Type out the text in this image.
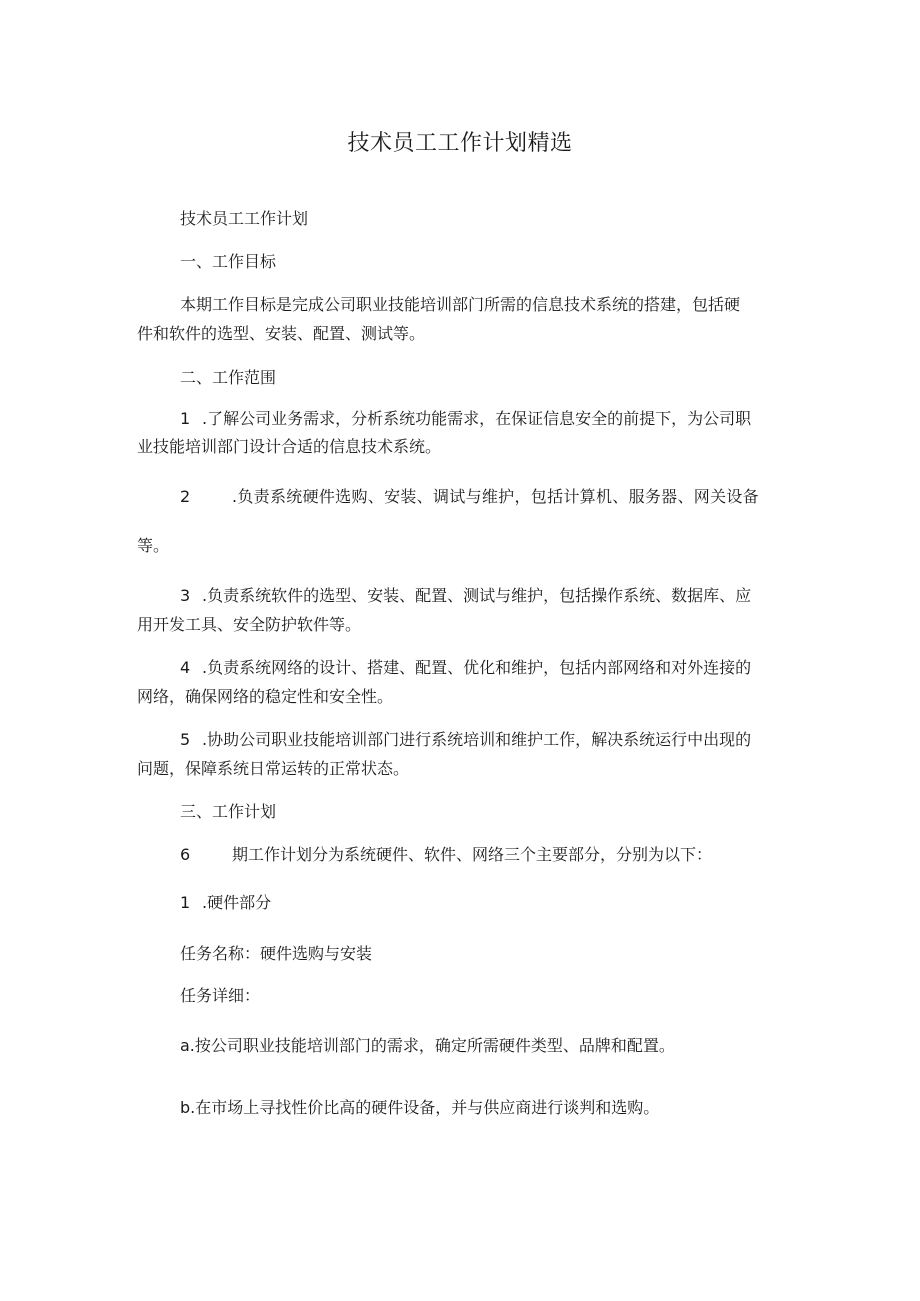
技术员工工作计划精选
技术员工工作计划
一、工作目标
本期工作目标是完成公司职业技能培训部门所需的信息技术系统的搭建，包括硬
件和软件的选型、安装、配置、测试等。
二、工作范围
1 .了解公司业务需求，分析系统功能需求，在保证信息安全的前提下，为公司职
业技能培训部门设计合适的信息技术系统。
2	.负责系统硬件选购、安装、调试与维护，包括计算机、服务器、网关设备
等。
3 .负责系统软件的选型、安装、配置、测试与维护，包括操作系统、数据库、应
用开发工具、安全防护软件等。
4 .负责系统网络的设计、搭建、配置、优化和维护，包括内部网络和对外连接的
网络，确保网络的稳定性和安全性。
5 .协助公司职业技能培训部门进行系统培训和维护工作，解决系统运行中出现的
问题，保障系统日常运转的正常状态。
三、工作计划
6	期工作计划分为系统硬件、软件、网络三个主要部分，分别为以下：
1 .硬件部分
任务名称：硬件选购与安装
任务详细：
a.按公司职业技能培训部门的需求，确定所需硬件类型、品牌和配置。
b.在市场上寻找性价比高的硬件设备，并与供应商进行谈判和选购。
